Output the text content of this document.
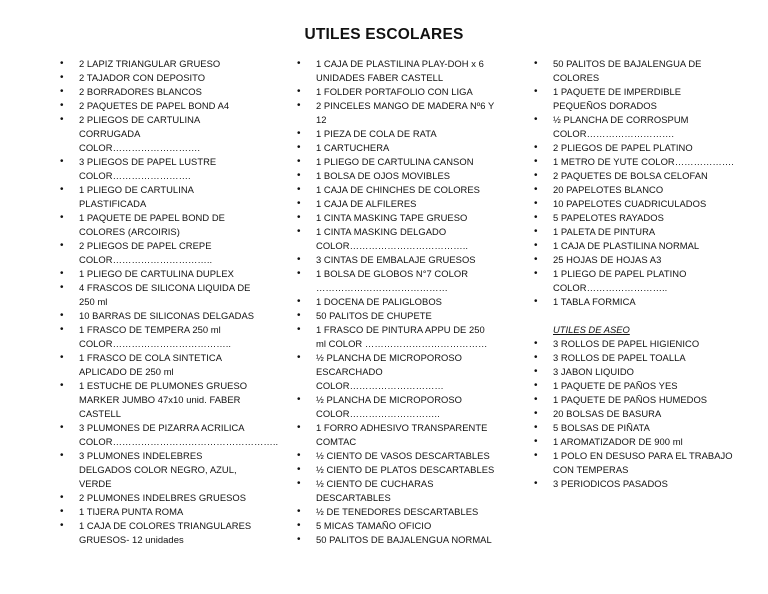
UTILES ESCOLARES
• 2 LAPIZ TRIANGULAR GRUESO
• 2 TAJADOR CON DEPOSITO
• 2 BORRADORES BLANCOS
• 2 PAQUETES DE PAPEL BOND A4
• 2 PLIEGOS DE CARTULINA CORRUGADA COLOR……………………….
• 3 PLIEGOS DE PAPEL LUSTRE COLOR…………………….
• 1 PLIEGO DE CARTULINA PLASTIFICADA
• 1 PAQUETE DE PAPEL BOND DE COLORES (ARCOIRIS)
• 2 PLIEGOS DE PAPEL CREPE COLOR…………………………..
• 1 PLIEGO DE CARTULINA DUPLEX
• 4 FRASCOS DE SILICONA LIQUIDA DE 250 ml
• 10 BARRAS DE SILICONAS DELGADAS
• 1 FRASCO DE TEMPERA 250 ml COLOR………………………………..
• 1 FRASCO DE COLA SINTETICA APLICADO DE 250 ml
• 1 ESTUCHE DE PLUMONES GRUESO MARKER JUMBO 47x10 unid. FABER CASTELL
• 3 PLUMONES DE PIZARRA ACRILICA COLOR……………………………………………..
• 3 PLUMONES INDELEBRES DELGADOS COLOR NEGRO, AZUL, VERDE
• 2 PLUMONES INDELBRES GRUESOS
• 1 TIJERA PUNTA ROMA
• 1 CAJA DE COLORES TRIANGULARES GRUESOS- 12 unidades
• 1 CAJA DE PLASTILINA PLAY-DOH x 6 UNIDADES FABER CASTELL
• 1 FOLDER PORTAFOLIO CON LIGA
• 2 PINCELES MANGO DE MADERA Nº6 Y 12
• 1 PIEZA DE COLA DE RATA
• 1 CARTUCHERA
• 1 PLIEGO DE CARTULINA CANSON
• 1 BOLSA DE OJOS MOVIBLES
• 1 CAJA DE CHINCHES DE COLORES
• 1 CAJA DE ALFILERES
• 1 CINTA MASKING TAPE GRUESO
• 1 CINTA MASKING DELGADO COLOR………………………………..
• 3 CINTAS DE EMBALAJE GRUESOS
• 1 BOLSA DE GLOBOS N°7 COLOR ……………………………………
• 1 DOCENA DE PALIGLOBOS
• 50 PALITOS DE CHUPETE
• 1 FRASCO DE PINTURA APPU DE 250 ml COLOR …………………………………
• ½ PLANCHA DE MICROPOROSO ESCARCHADO COLOR…………………………
• ½ PLANCHA DE MICROPOROSO COLOR………………………..
• 1 FORRO ADHESIVO TRANSPARENTE COMTAC
• ½ CIENTO DE VASOS DESCARTABLES
• ½ CIENTO DE PLATOS DESCARTABLES
• ½ CIENTO DE CUCHARAS DESCARTABLES
• ½ DE TENEDORES DESCARTABLES
• 5 MICAS TAMAÑO OFICIO
• 50 PALITOS DE BAJALENGUA NORMAL
• 50 PALITOS DE BAJALENGUA DE COLORES
• 1 PAQUETE DE IMPERDIBLE PEQUEÑOS DORADOS
• ½ PLANCHA DE CORROSPUM COLOR……………………….
• 2 PLIEGOS DE PAPEL PLATINO
• 1 METRO DE YUTE COLOR……………….
• 2 PAQUETES DE BOLSA CELOFAN
• 20 PAPELOTES BLANCO
• 10 PAPELOTES CUADRICULADOS
• 5 PAPELOTES RAYADOS
• 1 PALETA DE PINTURA
• 1 CAJA DE PLASTILINA NORMAL
• 25 HOJAS DE HOJAS A3
• 1 PLIEGO DE PAPEL PLATINO COLOR……………………..
• 1 TABLA FORMICA
UTILES DE ASEO
• 3 ROLLOS DE PAPEL HIGIENICO
• 3 ROLLOS DE PAPEL TOALLA
• 3 JABON LIQUIDO
• 1 PAQUETE DE PAÑOS YES
• 1 PAQUETE DE PAÑOS HUMEDOS
• 20 BOLSAS DE BASURA
• 5 BOLSAS DE PIÑATA
• 1 AROMATIZADOR DE 900 ml
• 1 POLO EN DESUSO PARA EL TRABAJO CON TEMPERAS
• 3 PERIODICOS PASADOS
